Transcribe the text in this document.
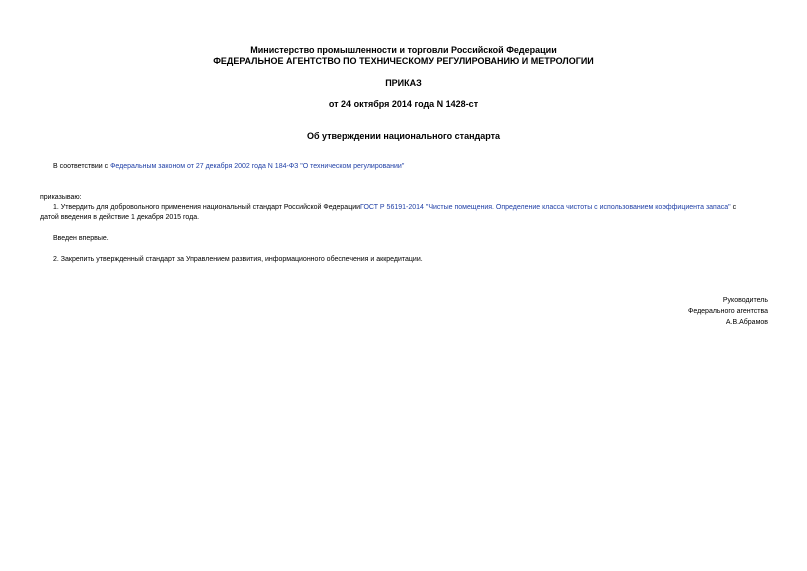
Министерство промышленности и торговли Российской Федерации
ФЕДЕРАЛЬНОЕ АГЕНТСТВО ПО ТЕХНИЧЕСКОМУ РЕГУЛИРОВАНИЮ И МЕТРОЛОГИИ
ПРИКАЗ
от 24 октября 2014 года N 1428-ст
Об утверждении национального стандарта
В соответствии с Федеральным законом от 27 декабря 2002 года N 184-ФЗ "О техническом регулировании"
приказываю:
1. Утвердить для добровольного применения национальный стандарт Российской ФедерацииГОСТ Р 56191-2014 "Чистые помещения. Определение класса чистоты с использованием коэффициента запаса" с
датой введения в действие 1 декабря 2015 года.
Введен впервые.
2. Закрепить утвержденный стандарт за Управлением развития, информационного обеспечения и аккредитации.
Руководитель
Федерального агентства
А.В.Абрамов
